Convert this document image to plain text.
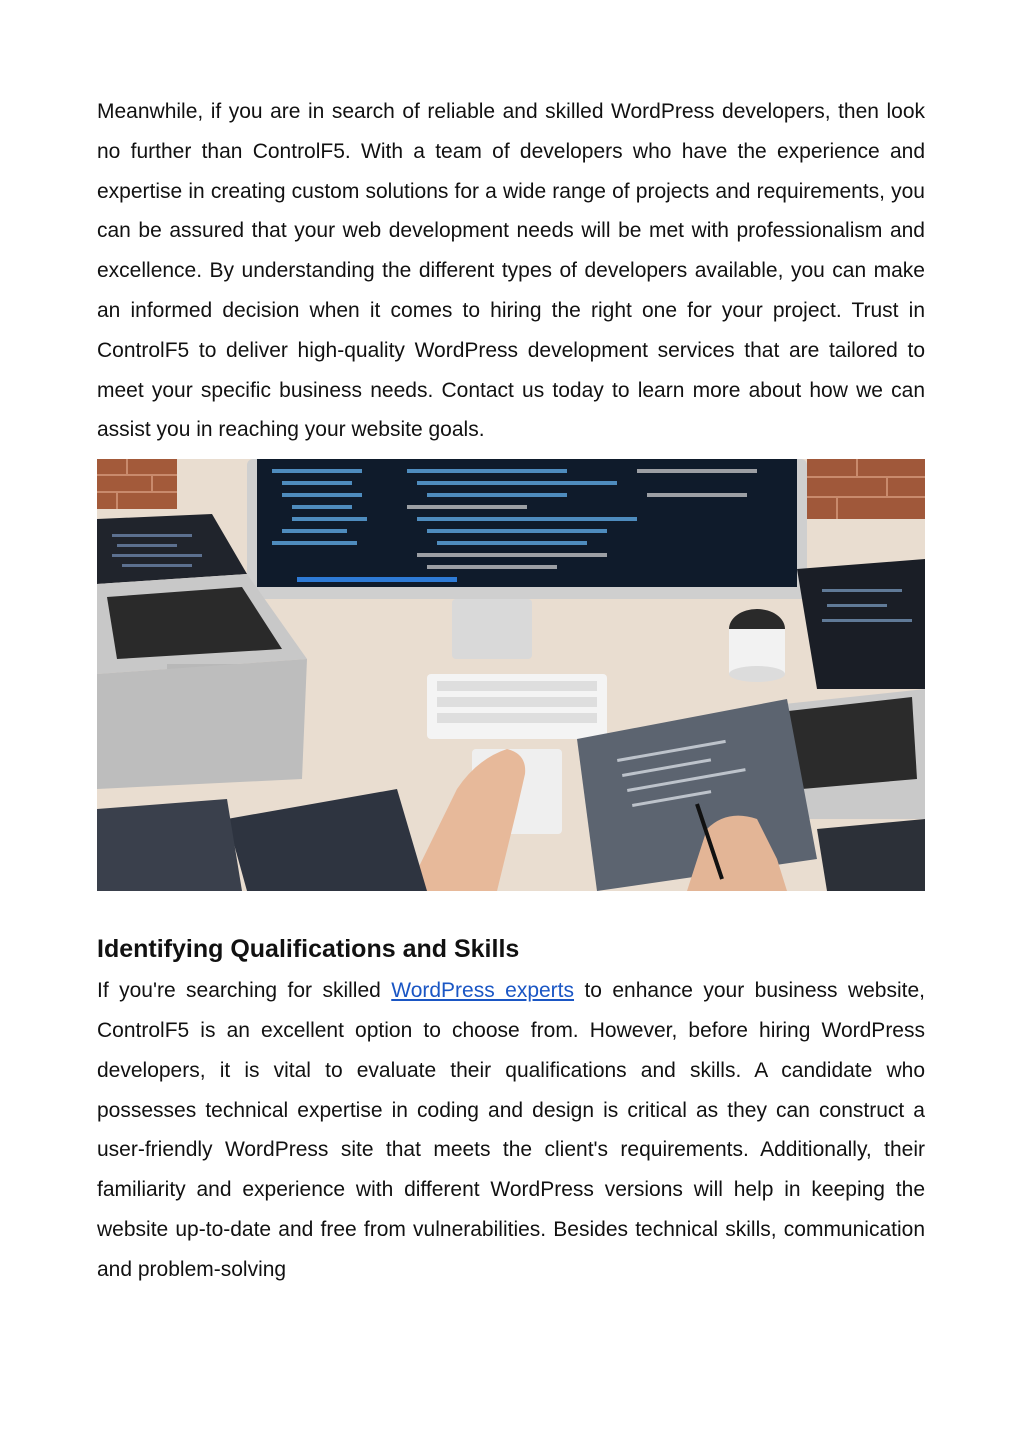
Meanwhile, if you are in search of reliable and skilled WordPress developers, then look no further than ControlF5. With a team of developers who have the experience and expertise in creating custom solutions for a wide range of projects and requirements, you can be assured that your web development needs will be met with professionalism and excellence. By understanding the different types of developers available, you can make an informed decision when it comes to hiring the right one for your project. Trust in ControlF5 to deliver high-quality WordPress development services that are tailored to meet your specific business needs. Contact us today to learn more about how we can assist you in reaching your website goals.

Identifying Qualifications and Skills

If you're searching for skilled WordPress experts to enhance your business website, ControlF5 is an excellent option to choose from. However, before hiring WordPress developers, it is vital to evaluate their qualifications and skills. A candidate who possesses technical expertise in coding and design is critical as they can construct a user-friendly WordPress site that meets the client's requirements. Additionally, their familiarity and experience with different WordPress versions will help in keeping the website up-to-date and free from vulnerabilities. Besides technical skills, communication and problem-solving
